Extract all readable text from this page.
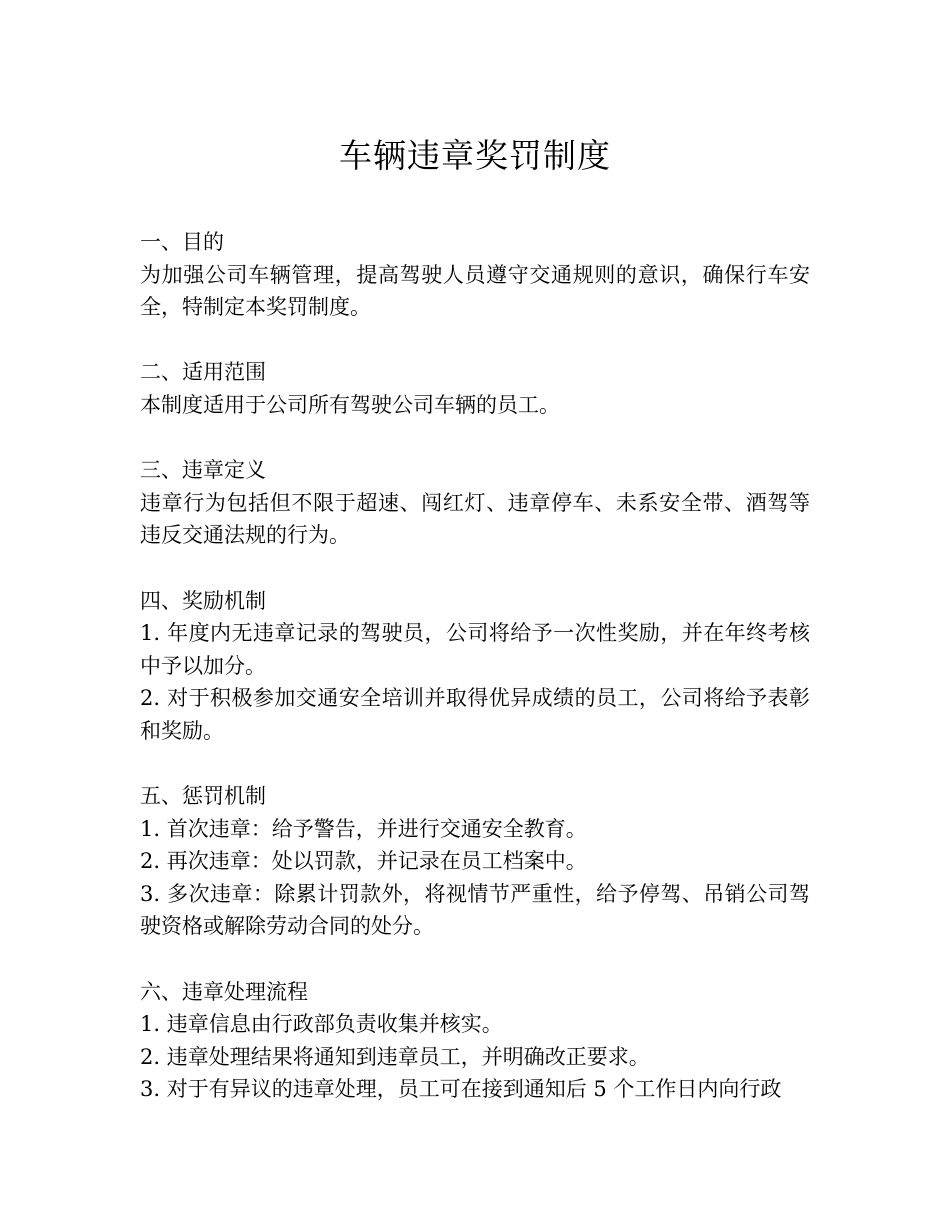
车辆违章奖罚制度

一、目的

为加强公司车辆管理，提高驾驶人员遵守交通规则的意识，确保行车安全，特制定本奖罚制度。

二、适用范围

本制度适用于公司所有驾驶公司车辆的员工。

三、违章定义

违章行为包括但不限于超速、闯红灯、违章停车、未系安全带、酒驾等违反交通法规的行为。

四、奖励机制

1. 年度内无违章记录的驾驶员，公司将给予一次性奖励，并在年终考核中予以加分。

2. 对于积极参加交通安全培训并取得优异成绩的员工，公司将给予表彰和奖励。

五、惩罚机制

1. 首次违章：给予警告，并进行交通安全教育。

2. 再次违章：处以罚款，并记录在员工档案中。

3. 多次违章：除累计罚款外，将视情节严重性，给予停驾、吊销公司驾驶资格或解除劳动合同的处分。

六、违章处理流程

1. 违章信息由行政部负责收集并核实。

2. 违章处理结果将通知到违章员工，并明确改正要求。

3. 对于有异议的违章处理，员工可在接到通知后 5 个工作日内向行政
